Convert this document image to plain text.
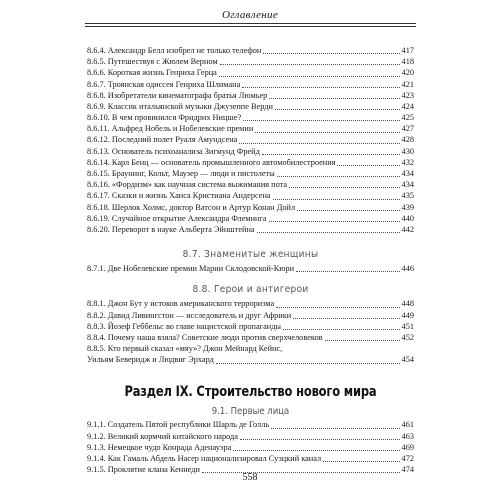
Оглавление
8.6.4. Александр Белл изобрел не только телефон	417
8.6.5. Путешествуя с Жюлем Верном	418
8.6.6. Короткая жизнь Генриха Герца	420
8.6.7. Троянская одиссея Генриха Шлимана	421
8.6.8. Изобретатели кинематографа братья Люмьер	423
8.6.9. Классик итальянской музыки Джузеппе Верди	424
8.6.10. В чем провинился Фридрих Ницше?	425
8.6.11. Альфред Нобель и Нобелевские премии	427
8.6.12. Последний полет Руаля Амундсена	428
8.6.13. Основатель психоанализа Зигмунд Фрейд	430
8.6.14. Карл Бенц — основатель промышленного автомобилестроения	432
8.6.15. Браунинг, Кольт, Маузер — люди и пистолеты	434
8.6.16. «Фордизм» как научная система выжимания пота	434
8.6.17. Сказки и жизнь Ханса Кристиана Андерсена	435
8.6.18. Шерлок Холмс, доктор Ватсон и Артур Конан Дойл	439
8.6.19. Случайное открытие Александра Флеминга	440
8.6.20. Переворот в науке Альберта Эйнштейна	442
8.7. Знаменитые женщины
8.7.1. Две Нобелевские премии Марии Склодовской-Кюри	446
8.8. Герои и антигерои
8.8.1. Джон Бут у истоков американского терроризма	448
8.8.2. Давид Ливингстон — исследователь и друг Африки	449
8.8.3. Йозеф Геббельс во главе нацистской пропаганды	451
8.8.4. Почему наша взяла? Советские люди против сверхчеловеков	452
8.8.5. Кто первый сказал «мяу»? Джон Мейнард Кейнс,
Уильям Беверидж и Людвиг Эрхард	454
Раздел IX. Строительство нового мира
9.1. Первые лица
9.1.1. Создатель Пятой республики Шарль де Голль	461
9.1.2. Великий кормчий китайского народа	463
9.1.3. Немецкое чудо Конрада Аденауэра	469
9.1.4. Как Гамаль Абдель Насер национализировал Суэцкий канал	472
9.1.5. Проклятие клана Кеннеди	474
558
